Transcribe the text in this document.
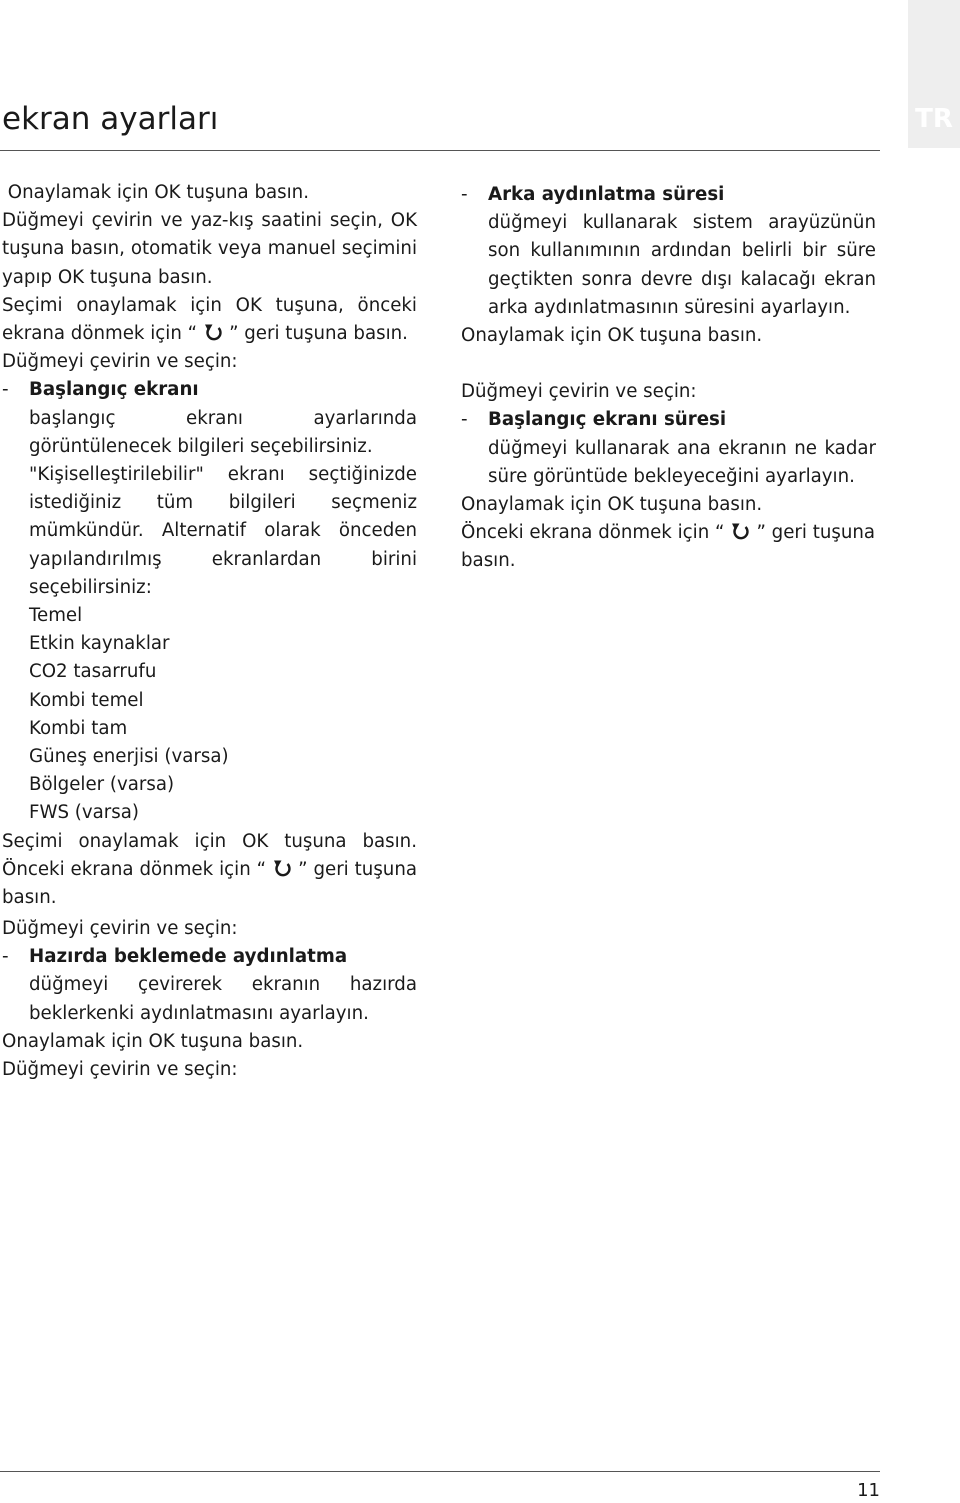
ekran ayarları	TR

Onaylamak için OK tuşuna basın.

Düğmeyi çevirin ve yaz-kış saatini seçin, OK tuşuna basın, otomatik veya manuel seçimini yapıp OK tuşuna basın.

Seçimi onaylamak için OK tuşuna, önceki ekrana dönmek için “ ” geri tuşuna basın.

Düğmeyi çevirin ve seçin:

-	Başlangıç ekranı

başlangıç ekranı ayarlarında görüntülenecek bilgileri seçebilirsiniz.

"Kişiselleştirilebilir" ekranı seçtiğinizde istediğiniz tüm bilgileri seçmeniz mümkündür. Alternatif olarak önceden yapılandırılmış ekranlardan birini seçebilirsiniz:

Temel

Etkin kaynaklar

CO2 tasarrufu

Kombi temel

Kombi tam

Güneş enerjisi (varsa)

Bölgeler (varsa)

FWS (varsa)

Seçimi onaylamak için OK tuşuna basın. Önceki ekrana dönmek için “ ” geri tuşuna basın.

Düğmeyi çevirin ve seçin:

-	Hazırda beklemede aydınlatma

düğmeyi çevirerek ekranın hazırda beklerkenki aydınlatmasını ayarlayın.

Onaylamak için OK tuşuna basın.

Düğmeyi çevirin ve seçin:

-	Arka aydınlatma süresi

düğmeyi kullanarak sistem arayüzünün son kullanımının ardından belirli bir süre geçtikten sonra devre dışı kalacağı ekran arka aydınlatmasının süresini ayarlayın.

Onaylamak için OK tuşuna basın.

Düğmeyi çevirin ve seçin:

-	Başlangıç ekranı süresi

düğmeyi kullanarak ana ekranın ne kadar süre görüntüde bekleyeceğini ayarlayın.

Onaylamak için OK tuşuna basın.

Önceki ekrana dönmek için “ ” geri tuşuna basın.

11
